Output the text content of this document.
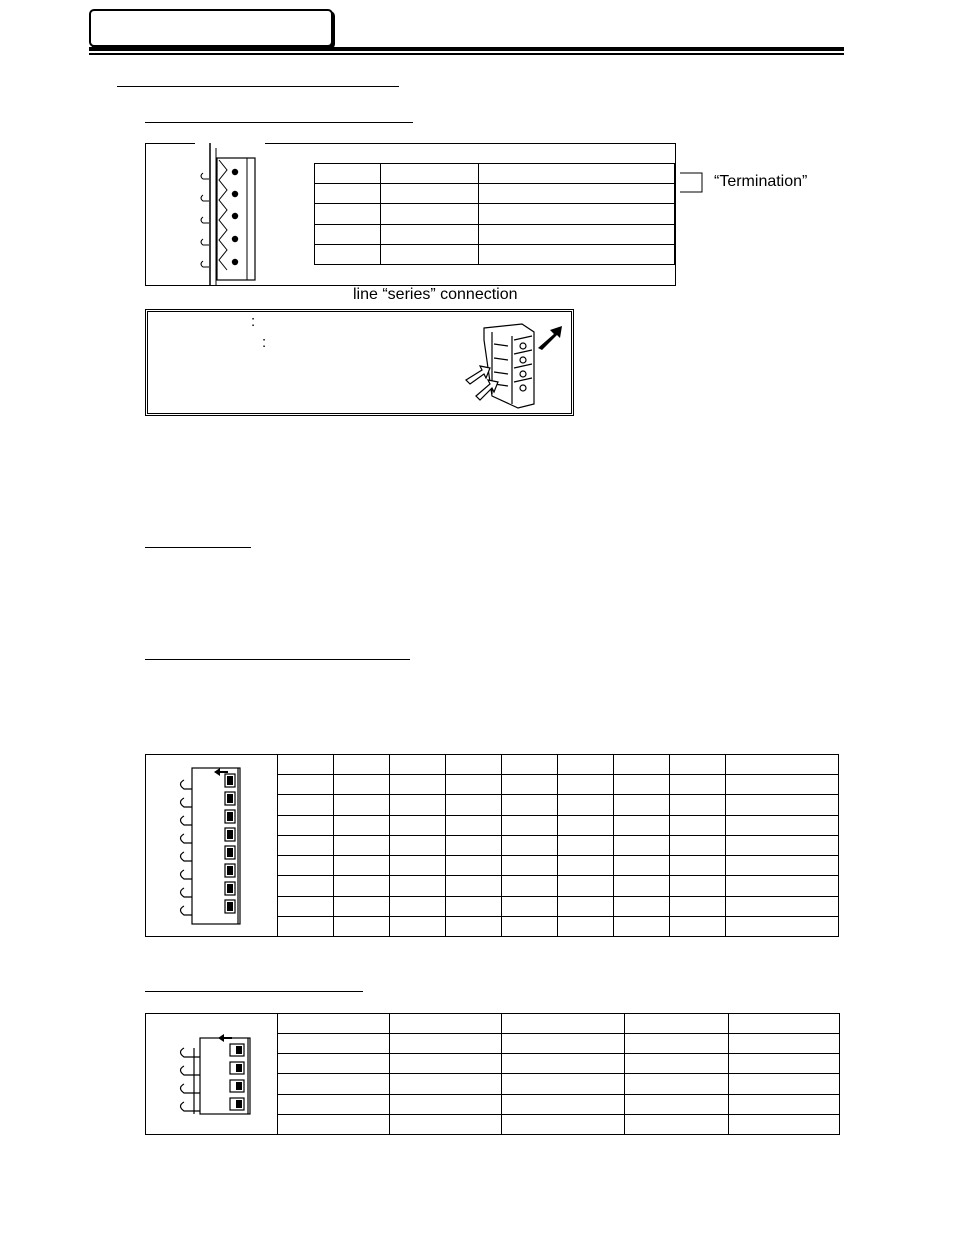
“Termination”
line “series” connection
:
:
